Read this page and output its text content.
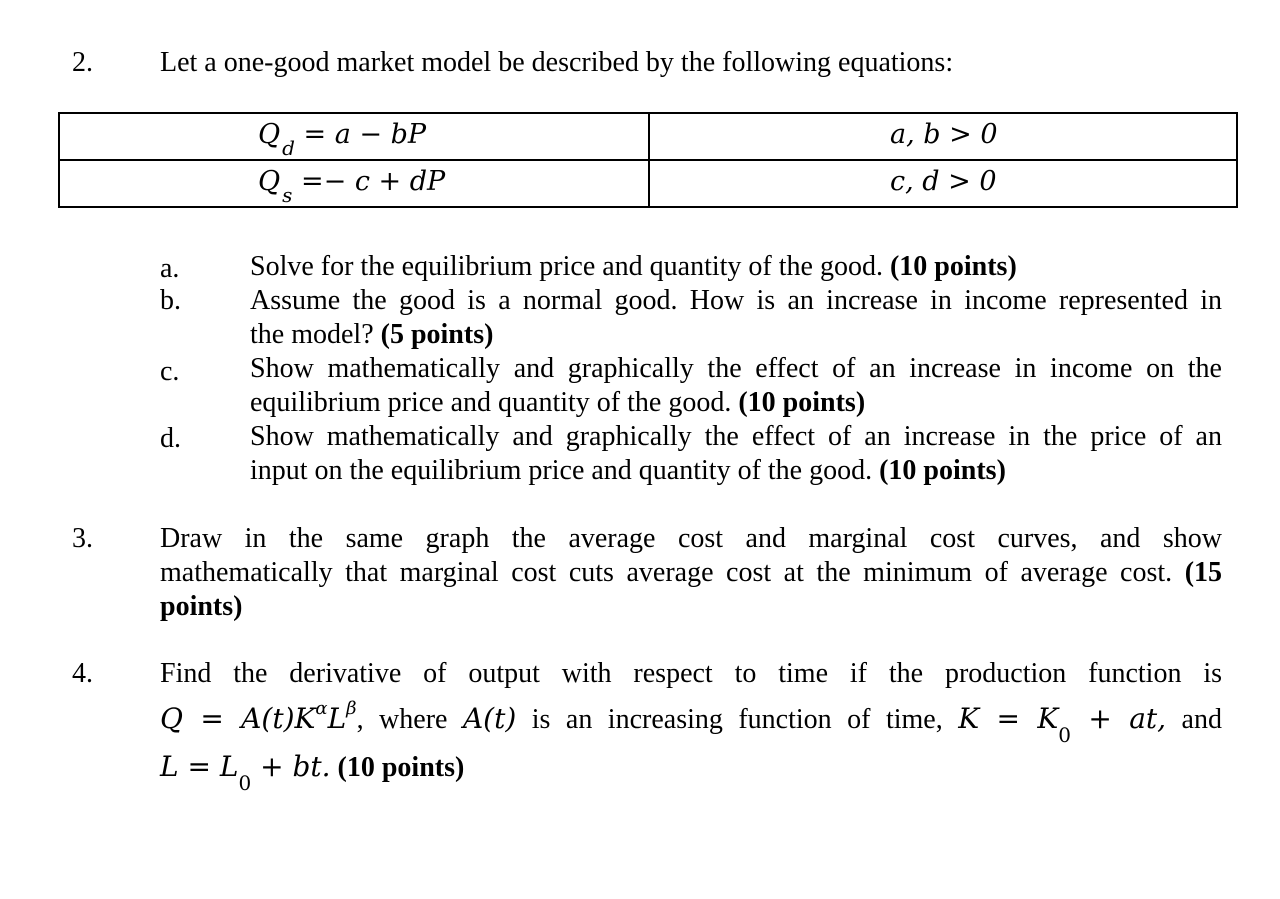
2. Let a one-good market model be described by the following equations:
Q $_d$ = a − bP	a, b > 0

Q $_s$ =− c + dP	c, d > 0
a.	Solve for the equilibrium price and quantity of the good. (10 points)
b. Assume the good is a normal good. How is an increase in income represented in
the model? (5 points)
c.	Show mathematically and graphically the effect of an increase in income on the
equilibrium price and quantity of the good. (10 points)
d. Show mathematically and graphically the effect of an increase in the price of an
input on the equilibrium price and quantity of the good. (10 points)
3. Draw in the same graph the average cost and marginal cost curves, and show
mathematically that marginal cost cuts average cost at the minimum of average cost. (15
points)
4. Find the derivative of output with respect to time if the production function is
$Q = A(t)K^\alpha L^\beta$, where A(t) is an increasing function of time, $K = K_0$ + at, and
$L = L_0$ + bt. (10 points)
